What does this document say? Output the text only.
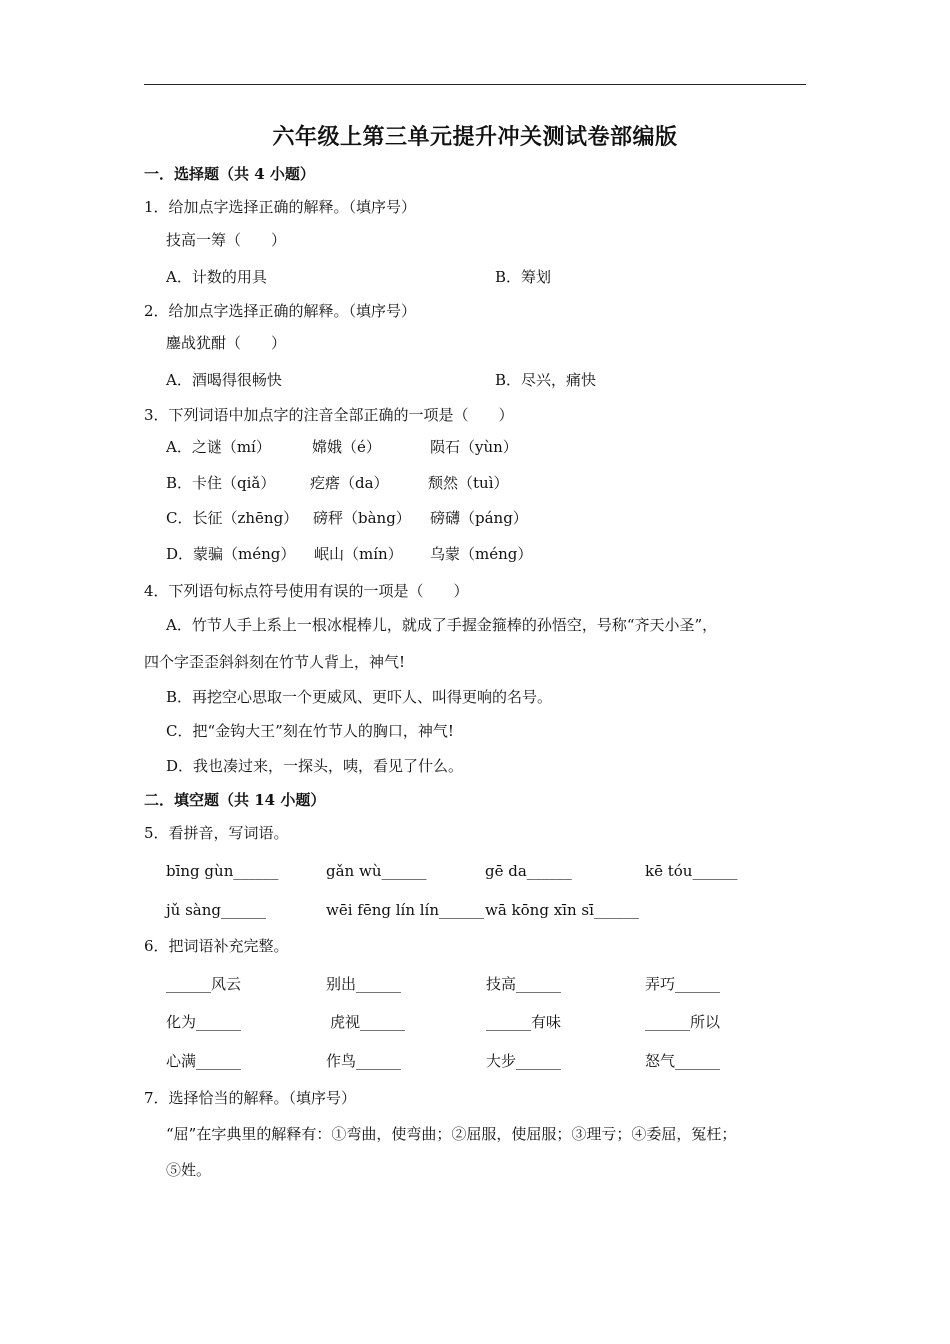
六年级上第三单元提升冲关测试卷部编版
一．选择题（共 4 小题）
1．给加点字选择正确的解释。（填序号）
技高一筹（　　）
A．计数的用具	B．筹划
2．给加点字选择正确的解释。（填序号）
鏖战犹酣（　　）
A．酒喝得很畅快	B．尽兴，痛快
3．下列词语中加点字的注音全部正确的一项是（　　）
A．之谜（mí）	嫦娥（é）	陨石（yùn）
B．卡住（qiǎ） 疙瘩（da）	颓然（tuì）
C．长征（zhēng） 磅秤（bàng） 磅礴（páng）
D．蒙骗（méng） 岷山（mín） 乌蒙（méng）
4．下列语句标点符号使用有误的一项是（　　）
A．竹节人手上系上一根冰棍棒儿，就成了手握金箍棒的孙悟空，号称“齐天小圣”，
四个字歪歪斜斜刻在竹节人背上，神气!
B．再挖空心思取一个更威风、更吓人、叫得更响的名号。
C．把“金钩大王”刻在竹节人的胸口，神气!
D．我也凑过来，一探头，咦，看见了什么。
二．填空题（共 14 小题）
5．看拼音，写词语。
bīng gùn______	gǎn wù______	gē da______	kē tóu______
jǔ sàng______	wēi fēng lín lín______ wā kōng xīn sī______
6．把词语补充完整。
______风云	别出______	技高______	弄巧______
化为______	虎视______	______有味	______所以
心满______	作鸟______	大步______	怒气______
7．选择恰当的解释。（填序号）
“屈”在字典里的解释有：①弯曲，使弯曲；②屈服，使屈服；③理亏；④委屈，冤枉；
⑤姓。
